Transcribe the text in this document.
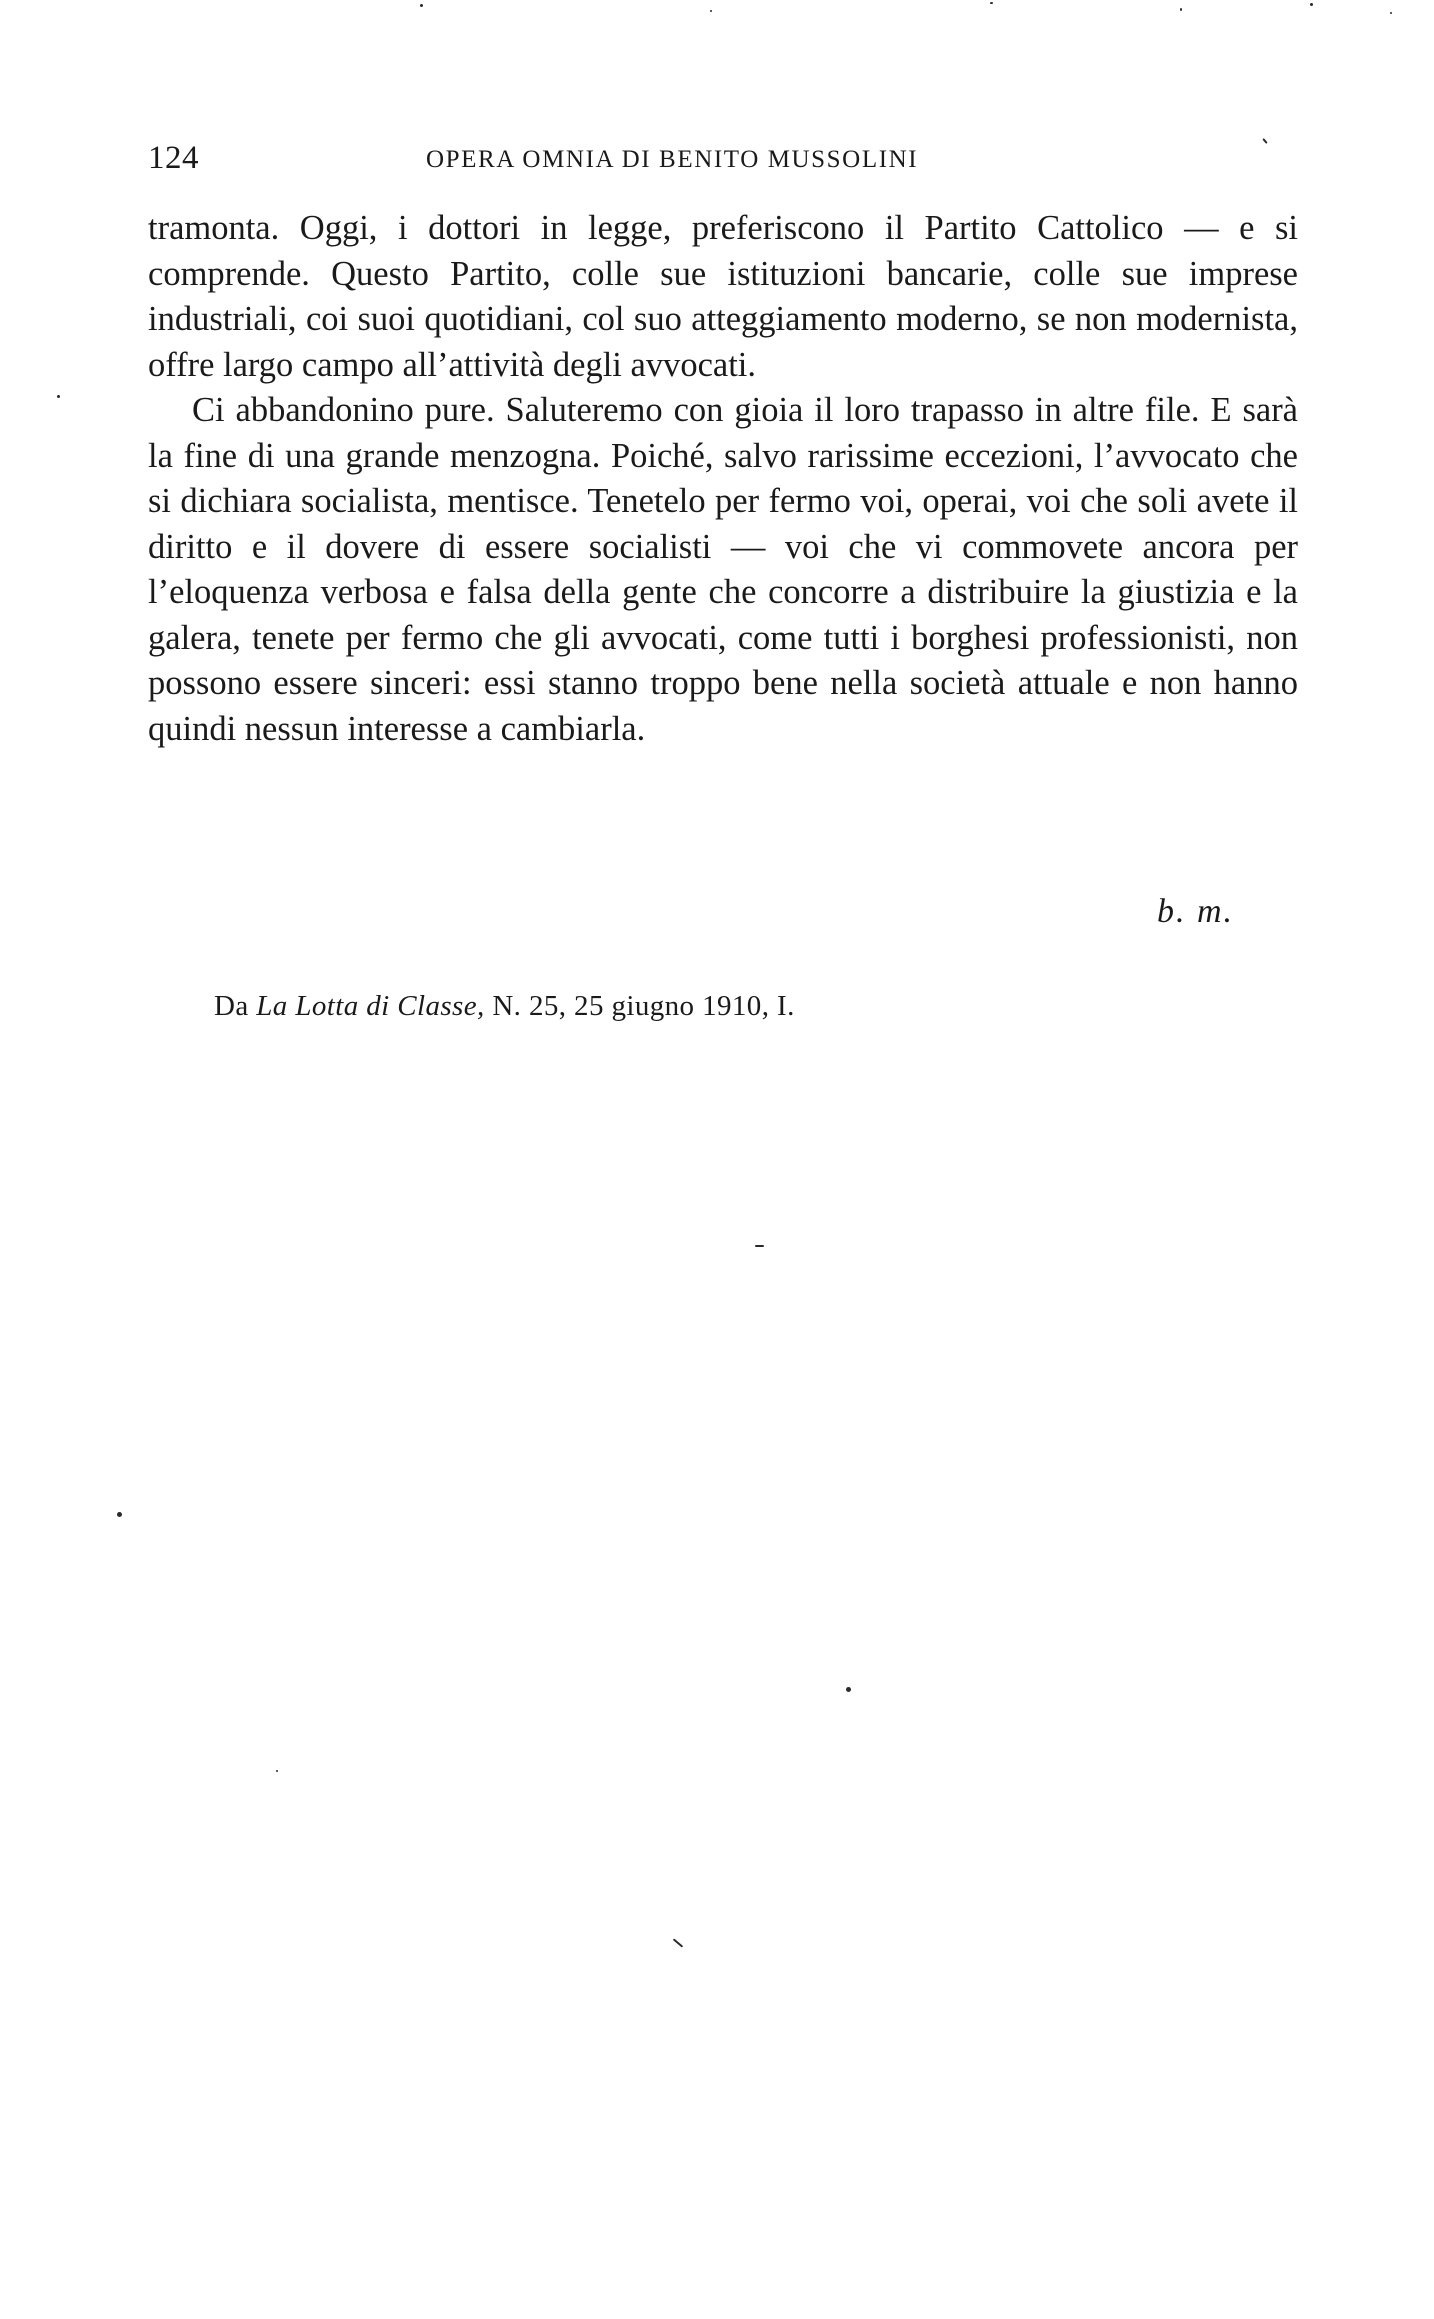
124	OPERA OMNIA DI BENITO MUSSOLINI

tramonta. Oggi, i dottori in legge, preferiscono il Partito Cattolico — e si comprende. Questo Partito, colle sue istituzioni bancarie, colle sue imprese industriali, coi suoi quotidiani, col suo atteggiamento moderno, se non modernista, offre largo campo all’attività degli avvocati.

Ci abbandonino pure. Saluteremo con gioia il loro trapasso in altre file. E sarà la fine di una grande menzogna. Poiché, salvo rarissime eccezioni, l’avvocato che si dichiara socialista, mentisce. Tenetelo per fermo voi, operai, voi che soli avete il diritto e il dovere di essere socialisti — voi che vi commovete ancora per l’eloquenza verbosa e falsa della gente che concorre a distribuire la giustizia e la galera, tenete per fermo che gli avvocati, come tutti i borghesi professionisti, non possono essere sinceri: essi stanno troppo bene nella società attuale e non hanno quindi nessun interesse a cambiarla.

b. m.
Da La Lotta di Classe, N. 25, 25 giugno 1910, I.
